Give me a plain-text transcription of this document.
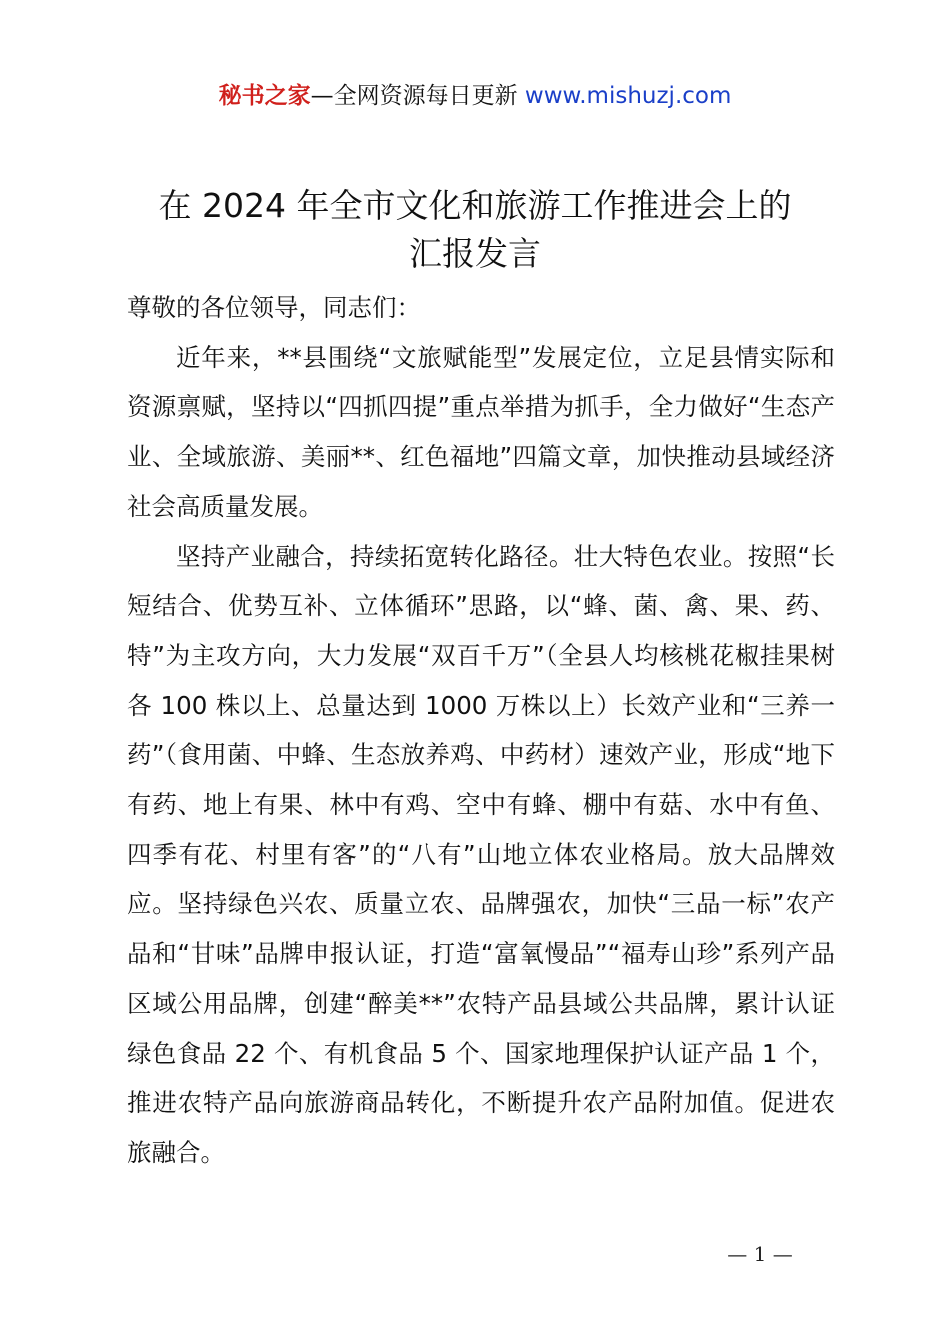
秘书之家—全网资源每日更新 www.mishuzj.com
在 2024 年全市文化和旅游工作推进会上的
汇报发言

尊敬的各位领导，同志们：

近年来，**县围绕“文旅赋能型”发展定位，立足县情实际和资源禀赋，坚持以“四抓四提”重点举措为抓手，全力做好“生态产业、全域旅游、美丽**、红色福地”四篇文章，加快推动县域经济社会高质量发展。

坚持产业融合，持续拓宽转化路径。壮大特色农业。按照“长短结合、优势互补、立体循环”思路，以“蜂、菌、禽、果、药、特”为主攻方向，大力发展“双百千万”（全县人均核桃花椒挂果树各 100 株以上、总量达到 1000 万株以上）长效产业和“三养一药”（食用菌、中蜂、生态放养鸡、中药材）速效产业，形成“地下有药、地上有果、林中有鸡、空中有蜂、棚中有菇、水中有鱼、四季有花、村里有客”的“八有”山地立体农业格局。放大品牌效应。坚持绿色兴农、质量立农、品牌强农，加快“三品一标”农产品和“甘味”品牌申报认证，打造“富氧慢品”“福寿山珍”系列产品区域公用品牌，创建“醉美**”农特产品县域公共品牌，累计认证绿色食品 22 个、有机食品 5 个、国家地理保护认证产品 1 个，推进农特产品向旅游商品转化，不断提升农产品附加值。促进农旅融合。

— 1 —
